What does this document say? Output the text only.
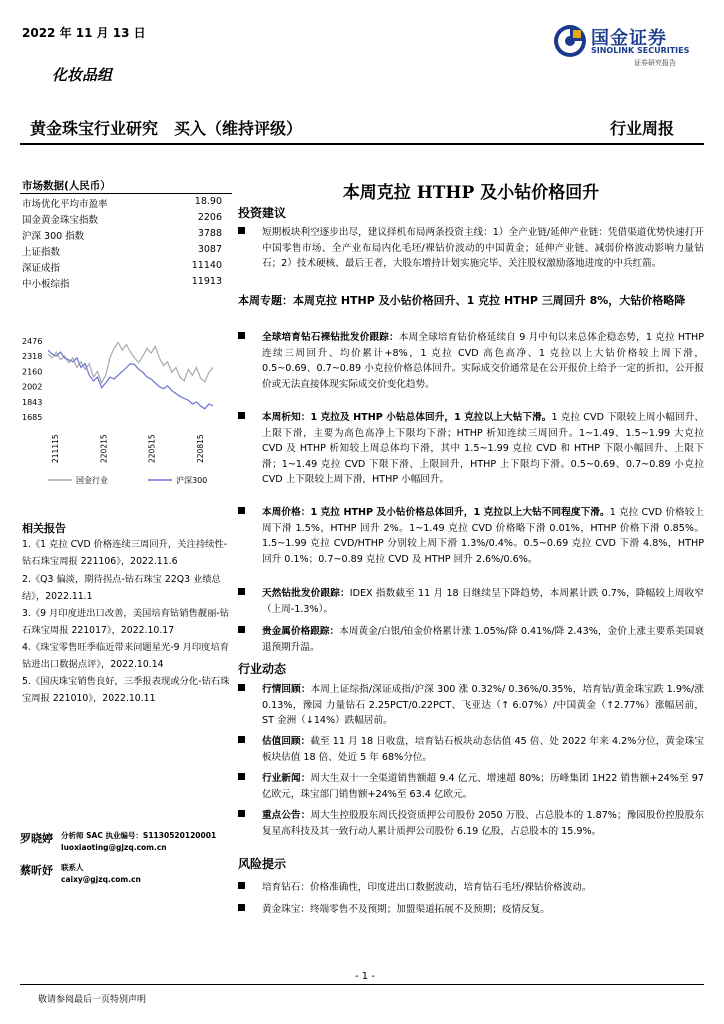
2022 年 11 月 13 日	国金证券
SINOLINK SECURITIES
证券研究报告
化妆品组
黄金珠宝行业研究　买入（维持评级）	行业周报
市场数据(人民币）
市场优化平均市盈率	18.90
国金黄金珠宝指数	2206
沪深 300 指数	3788
上证指数	3087
深证成指	11140
中小板综指	11913
2476
2318
2160
2002
1843
1685
211115	220215	220515	220815
国金行业	沪深300
相关报告
1.《1 克拉 CVD 价格连续三周回升，关注持续性-钻石珠宝周报 221106》，2022.11.6
2.《Q3 偏淡，期待拐点-钻石珠宝 22Q3 业绩总结》，2022.11.1
3.《9 月印度进出口改善，美国培育钻销售靓丽-钻石珠宝周报 221017》，2022.10.17
4.《珠宝零售旺季临近带来问题星光-9 月印度培育钻进出口数据点评》，2022.10.14
5.《国庆珠宝销售良好，三季报表现或分化-钻石珠宝周报 221010》，2022.10.11
罗晓婷 分析师 SAC 执业编号：S1130520120001
luoxiaoting@gjzq.com.cn
蔡昕妤 联系人
caixy@gjzq.com.cn
本周克拉 HTHP 及小钻价格回升
投资建议
短期板块利空逐步出尽，建议择机布局两条投资主线：1）全产业链/延伸产业链：凭借渠道优势快速打开中国零售市场、全产业布局内化毛坯/裸钻价波动的中国黄金；延伸产业链、减弱价格波动影响力量钻石；2）技术硬核、最后王者，大股东增持计划实施完毕、关注股权激励落地进度的中兵红箭。
本周专题：本周克拉 HTHP 及小钻价格回升、1 克拉 HTHP 三周回升 8%，大钻价格略降
全球培育钻石裸钻批发价跟踪：本周全球培育钻价格延续自 9 月中旬以来总体企稳态势，1 克拉 HTHP 连续三周回升、均价累计+8%，1 克拉 CVD 高色高净、1 克拉以上大钻价格较上周下滑， 0.5~0.69、0.7~0.89 小克拉价格总体回升。实际成交价通常是在公开报价上给予一定的折扣，公开报价或无法直接体现实际成交价变化趋势。
本周析知：1 克拉及 HTHP 小钻总体回升，1 克拉以上大钻下滑。1 克拉 CVD 下限较上周小幅回升、上限下滑，主要为高色高净上下限均下滑；HTHP 析知连续三周回升。1~1.49、1.5~1.99 大克拉 CVD 及 HTHP 析知较上周总体均下滑，其中 1.5~1.99 克拉 CVD 和 HTHP 下限小幅回升、上限下滑；1~1.49 克拉 CVD 下限下滑、上限回升，HTHP 上下限均下滑。0.5~0.69、0.7~0.89 小克拉 CVD 上下限较上周下滑，HTHP 小幅回升。
本周价格：1 克拉 HTHP 及小钻价格总体回升，1 克拉以上大钻不同程度下滑。1 克拉 CVD 价格较上周下滑 1.5%，HTHP 回升 2%。1~1.49 克拉 CVD 价格略下滑 0.01%，HTHP 价格下滑 0.85%。1.5~1.99 克拉 CVD/HTHP 分别较上周下滑 1.3%/0.4%。0.5~0.69 克拉 CVD 下滑 4.8%，HTHP 回升 0.1%；0.7~0.89 克拉 CVD 及 HTHP 回升 2.6%/0.6%。
天然钻批发价跟踪：IDEX 指数截至 11 月 18 日继续呈下降趋势，本周累计跌 0.7%，降幅较上周收窄（上周-1.3%）。
贵金属价格跟踪：本周黄金/白银/铂金价格累计涨 1.05%/降 0.41%/降 2.43%，金价上涨主要系美国衰退预期升温。
行业动态
行情回顾：本周上证综指/深证成指/沪深 300 涨 0.32%/ 0.36%/0.35%，培育钻/黄金珠宝跌 1.9%/涨 0.13%，豫园 力量钻石 2.25PCT/0.22PCT、飞亚达（↑ 6.07%）/中国黄金（↑2.77%）涨幅居前，ST 金洲（↓14%）跌幅居前。
估值回顾：截至 11 月 18 日收盘，培育钻石板块动态估值 45 倍、处 2022 年来 4.2%分位，黄金珠宝板块估值 18 倍、处近 5 年 68%分位。
行业新闻：周大生双十一全渠道销售额超 9.4 亿元、增速超 80%；历峰集团 1H22 销售额+24%至 97 亿欧元，珠宝部门销售额+24%至 63.4 亿欧元。
重点公告：周大生控股股东周氏投资质押公司股份 2050 万股、占总股本的 1.87%；豫园股份控股股东复星高科技及其一致行动人累计质押公司股份 6.19 亿股，占总股本的 15.9%。
风险提示
培育钻石：价格准确性，印度进出口数据波动，培育钻石毛坯/裸钻价格波动。
黄金珠宝：终端零售不及预期；加盟渠道拓展不及预期；疫情反复。
- 1 -
敬请参阅最后一页特别声明
